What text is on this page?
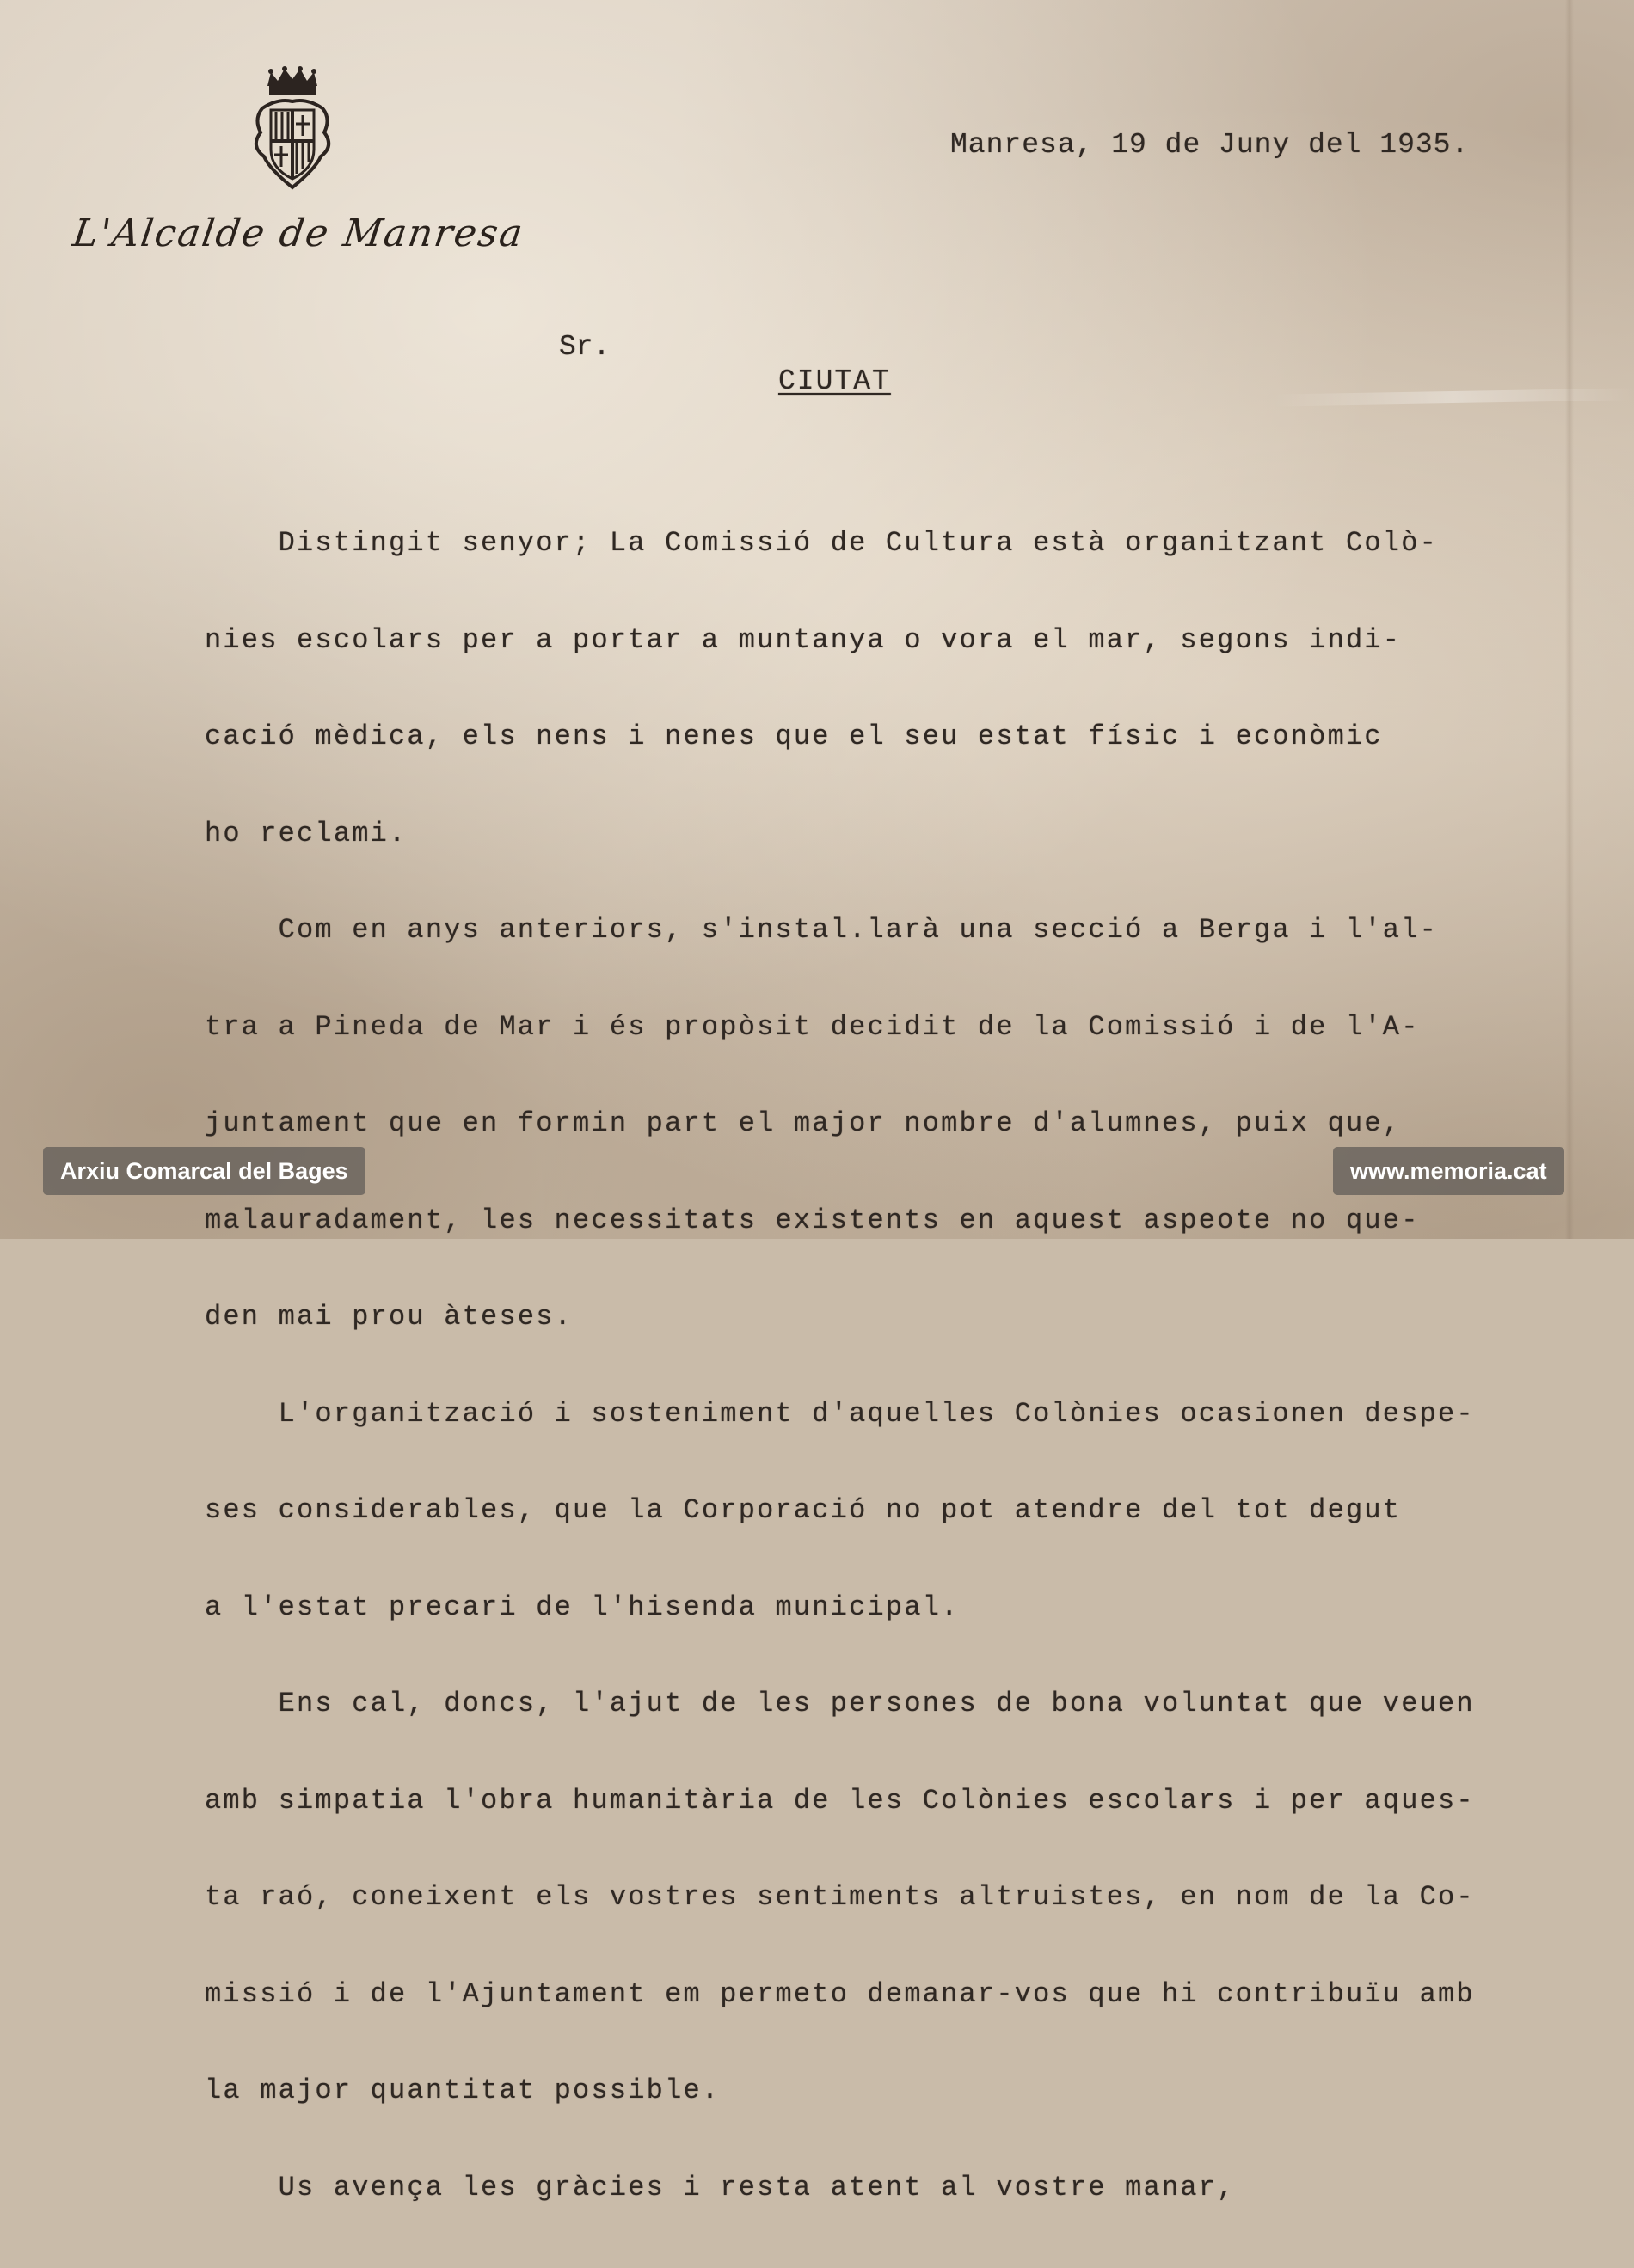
L'Alcalde de Manresa
Manresa, 19 de Juny del 1935.
Sr.
CIUTAT

Distingit senyor; La Comissió de Cultura està organitzant Colò-

nies escolars per a portar a muntanya o vora el mar, segons indi-

cació mèdica, els nens i nenes que el seu estat físic i econòmic

ho reclami.

Com en anys anteriors, s'instal.larà una secció a Berga i l'al-

tra a Pineda de Mar i és propòsit decidit de la Comissió i de l'A-

juntament que en formin part el major nombre d'alumnes, puix que,

malauradament, les necessitats existents en aquest aspeote no que-

den mai prou àteses.

L'organització i sosteniment d'aquelles Colònies ocasionen despe-

ses considerables, que la Corporació no pot atendre del tot degut

a l'estat precari de l'hisenda municipal.

Ens cal, doncs, l'ajut de les persones de bona voluntat que veuen

amb simpatia l'obra humanitària de les Colònies escolars i per aques-

ta raó, coneixent els vostres sentiments altruistes, en nom de la Co-

missió i de l'Ajuntament em permeto demanar-vos que hi contribuïu amb

la major quantitat possible.

Us avença les gràcies i resta atent al vostre manar,

Arxiu Comarcal del Bages	www.memoria.cat
